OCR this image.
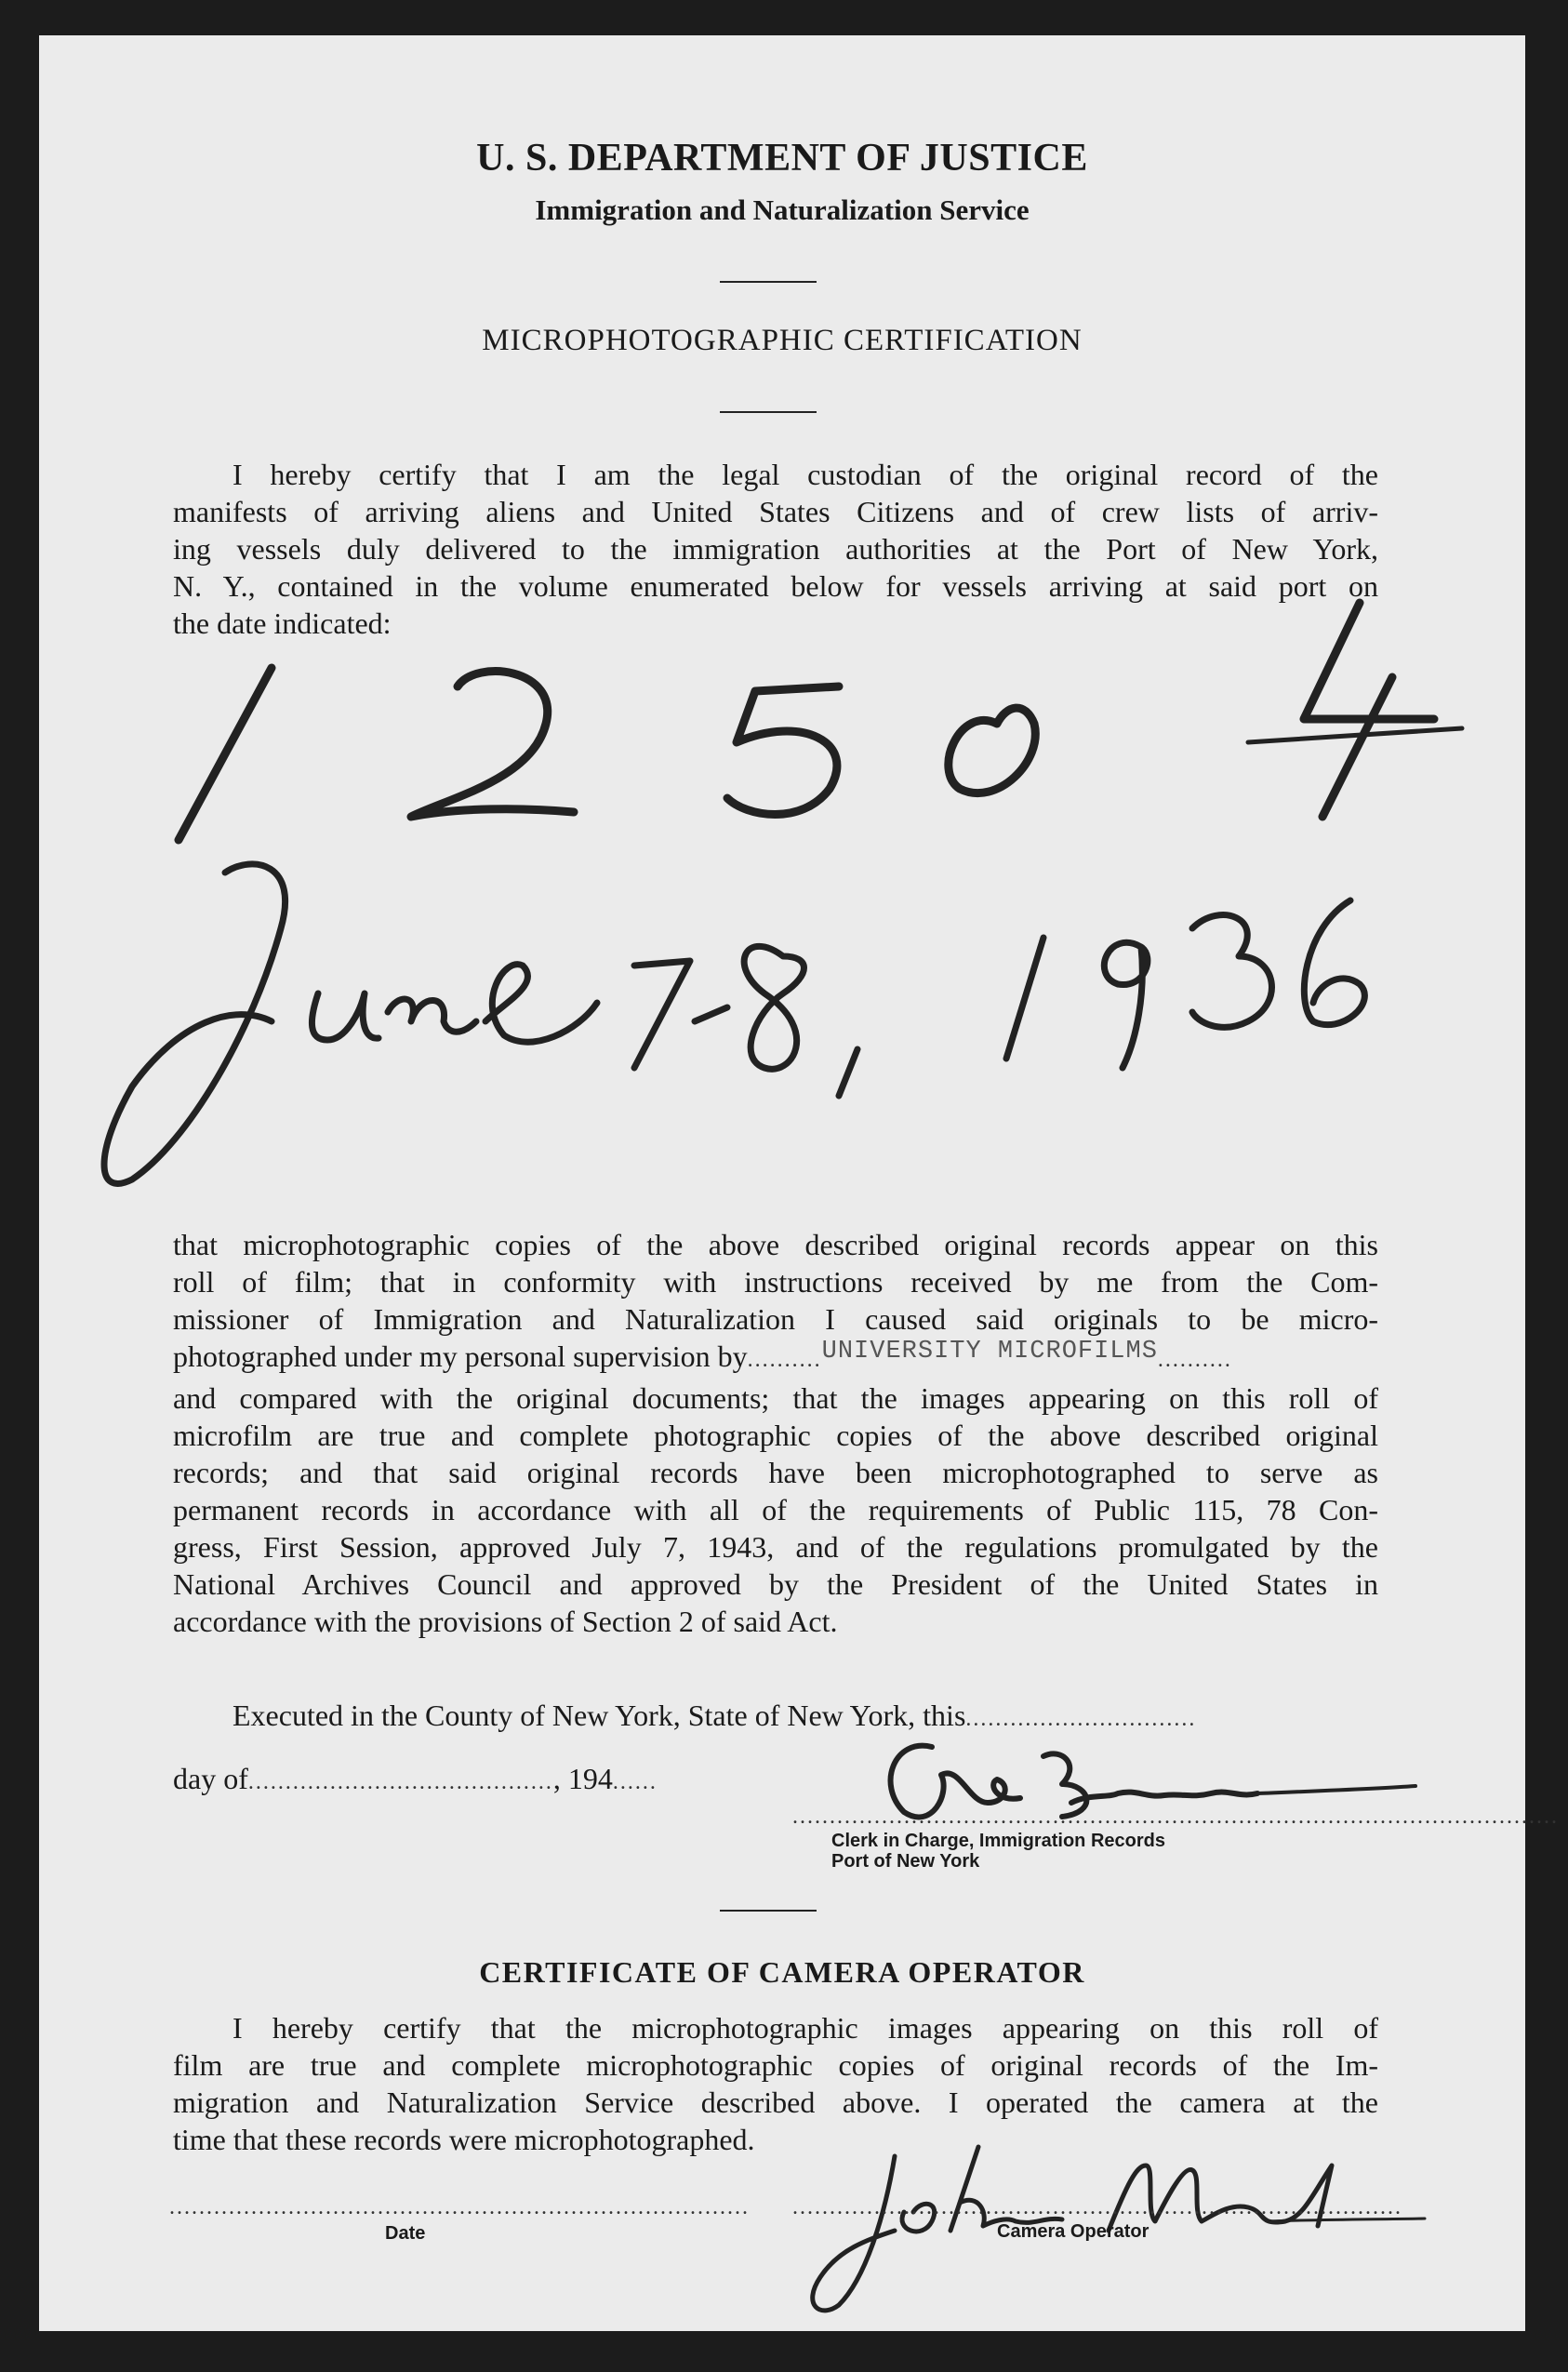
U. S. DEPARTMENT OF JUSTICE
Immigration and Naturalization Service
MICROPHOTOGRAPHIC CERTIFICATION
I hereby certify that I am the legal custodian of the original record of the
manifests of arriving aliens and United States Citizens and of crew lists of arriv-
ing vessels duly delivered to the immigration authorities at the Port of New York,
N. Y., contained in the volume enumerated below for vessels arriving at said port on
the date indicated:
that microphotographic copies of the above described original records appear on this
roll of film; that in conformity with instructions received by me from the Com-
missioner of Immigration and Naturalization I caused said originals to be micro-
photographed under my personal supervision by..........$^{UNIVERSITY MICROFILMS}$..........
and compared with the original documents; that the images appearing on this roll of
microfilm are true and complete photographic copies of the above described original
records; and that said original records have been microphotographed to serve as
permanent records in accordance with all of the requirements of Public 115, 78 Con-
gress, First Session, approved July 7, 1943, and of the regulations promulgated by the
National Archives Council and approved by the President of the United States in
accordance with the provisions of Section 2 of said Act.
Executed in the County of New York, State of New York, this...............................
day of........................................., 194......
.......................................................................................................
Clerk in Charge, Immigration Records
Port of New York
CERTIFICATE OF CAMERA OPERATOR
I hereby certify that the microphotographic images appearing on this roll of
film are true and complete microphotographic copies of original records of the Im-
migration and Naturalization Service described above. I operated the camera at the
time that these records were microphotographed.
..............................................................................
Date
..................................................................................
Camera Operator
